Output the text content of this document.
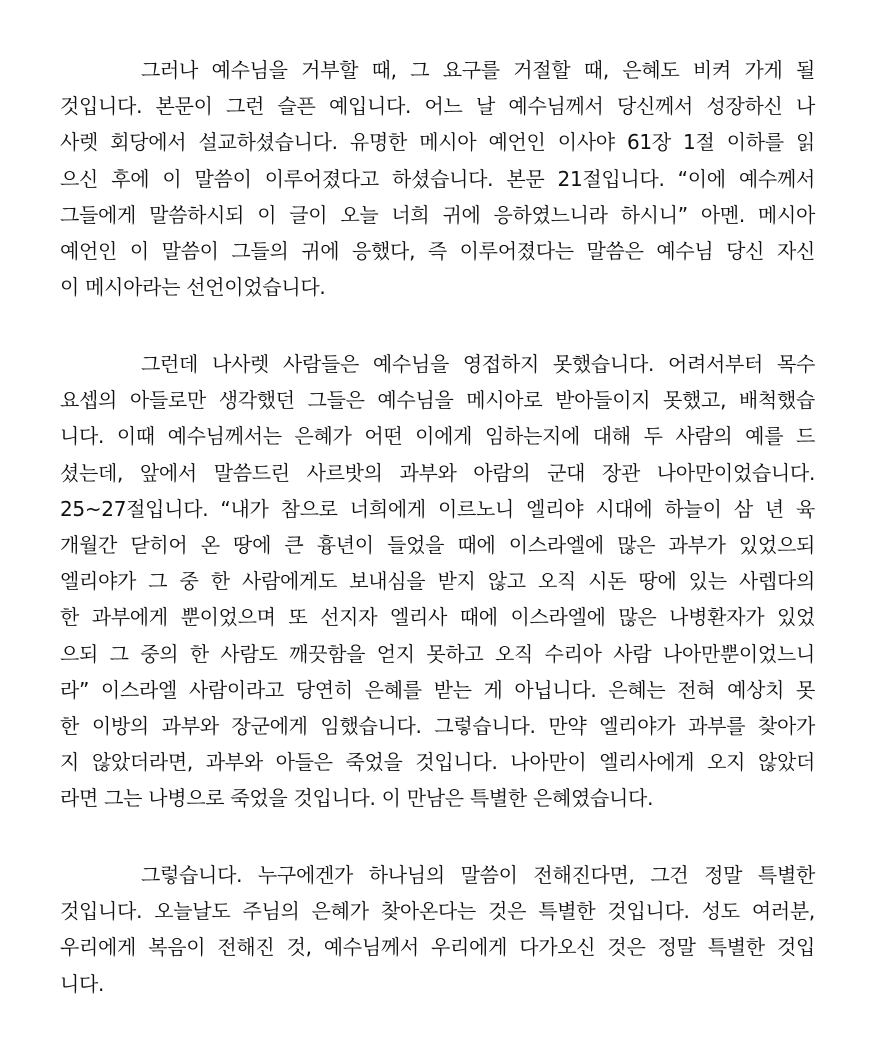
그러나 예수님을 거부할 때, 그 요구를 거절할 때, 은혜도 비켜 가게 될
것입니다. 본문이 그런 슬픈 예입니다. 어느 날 예수님께서 당신께서 성장하신 나
사렛 회당에서 설교하셨습니다. 유명한 메시아 예언인 이사야 61장 1절 이하를 읽
으신 후에 이 말씀이 이루어졌다고 하셨습니다. 본문 21절입니다. “이에 예수께서
그들에게 말씀하시되 이 글이 오늘 너희 귀에 응하였느니라 하시니” 아멘. 메시아
예언인 이 말씀이 그들의 귀에 응했다, 즉 이루어졌다는 말씀은 예수님 당신 자신
이 메시아라는 선언이었습니다.
그런데 나사렛 사람들은 예수님을 영접하지 못했습니다. 어려서부터 목수
요셉의 아들로만 생각했던 그들은 예수님을 메시아로 받아들이지 못했고, 배척했습
니다. 이때 예수님께서는 은혜가 어떤 이에게 임하는지에 대해 두 사람의 예를 드
셨는데, 앞에서 말씀드린 사르밧의 과부와 아람의 군대 장관 나아만이었습니다.
25~27절입니다. “내가 참으로 너희에게 이르노니 엘리야 시대에 하늘이 삼 년 육
개월간 닫히어 온 땅에 큰 흉년이 들었을 때에 이스라엘에 많은 과부가 있었으되
엘리야가 그 중 한 사람에게도 보내심을 받지 않고 오직 시돈 땅에 있는 사렙다의
한 과부에게 뿐이었으며 또 선지자 엘리사 때에 이스라엘에 많은 나병환자가 있었
으되 그 중의 한 사람도 깨끗함을 얻지 못하고 오직 수리아 사람 나아만뿐이었느니
라” 이스라엘 사람이라고 당연히 은혜를 받는 게 아닙니다. 은혜는 전혀 예상치 못
한 이방의 과부와 장군에게 임했습니다. 그렇습니다. 만약 엘리야가 과부를 찾아가
지 않았더라면, 과부와 아들은 죽었을 것입니다. 나아만이 엘리사에게 오지 않았더
라면 그는 나병으로 죽었을 것입니다. 이 만남은 특별한 은혜였습니다.
그렇습니다. 누구에겐가 하나님의 말씀이 전해진다면, 그건 정말 특별한
것입니다. 오늘날도 주님의 은혜가 찾아온다는 것은 특별한 것입니다. 성도 여러분,
우리에게 복음이 전해진 것, 예수님께서 우리에게 다가오신 것은 정말 특별한 것입
니다.
